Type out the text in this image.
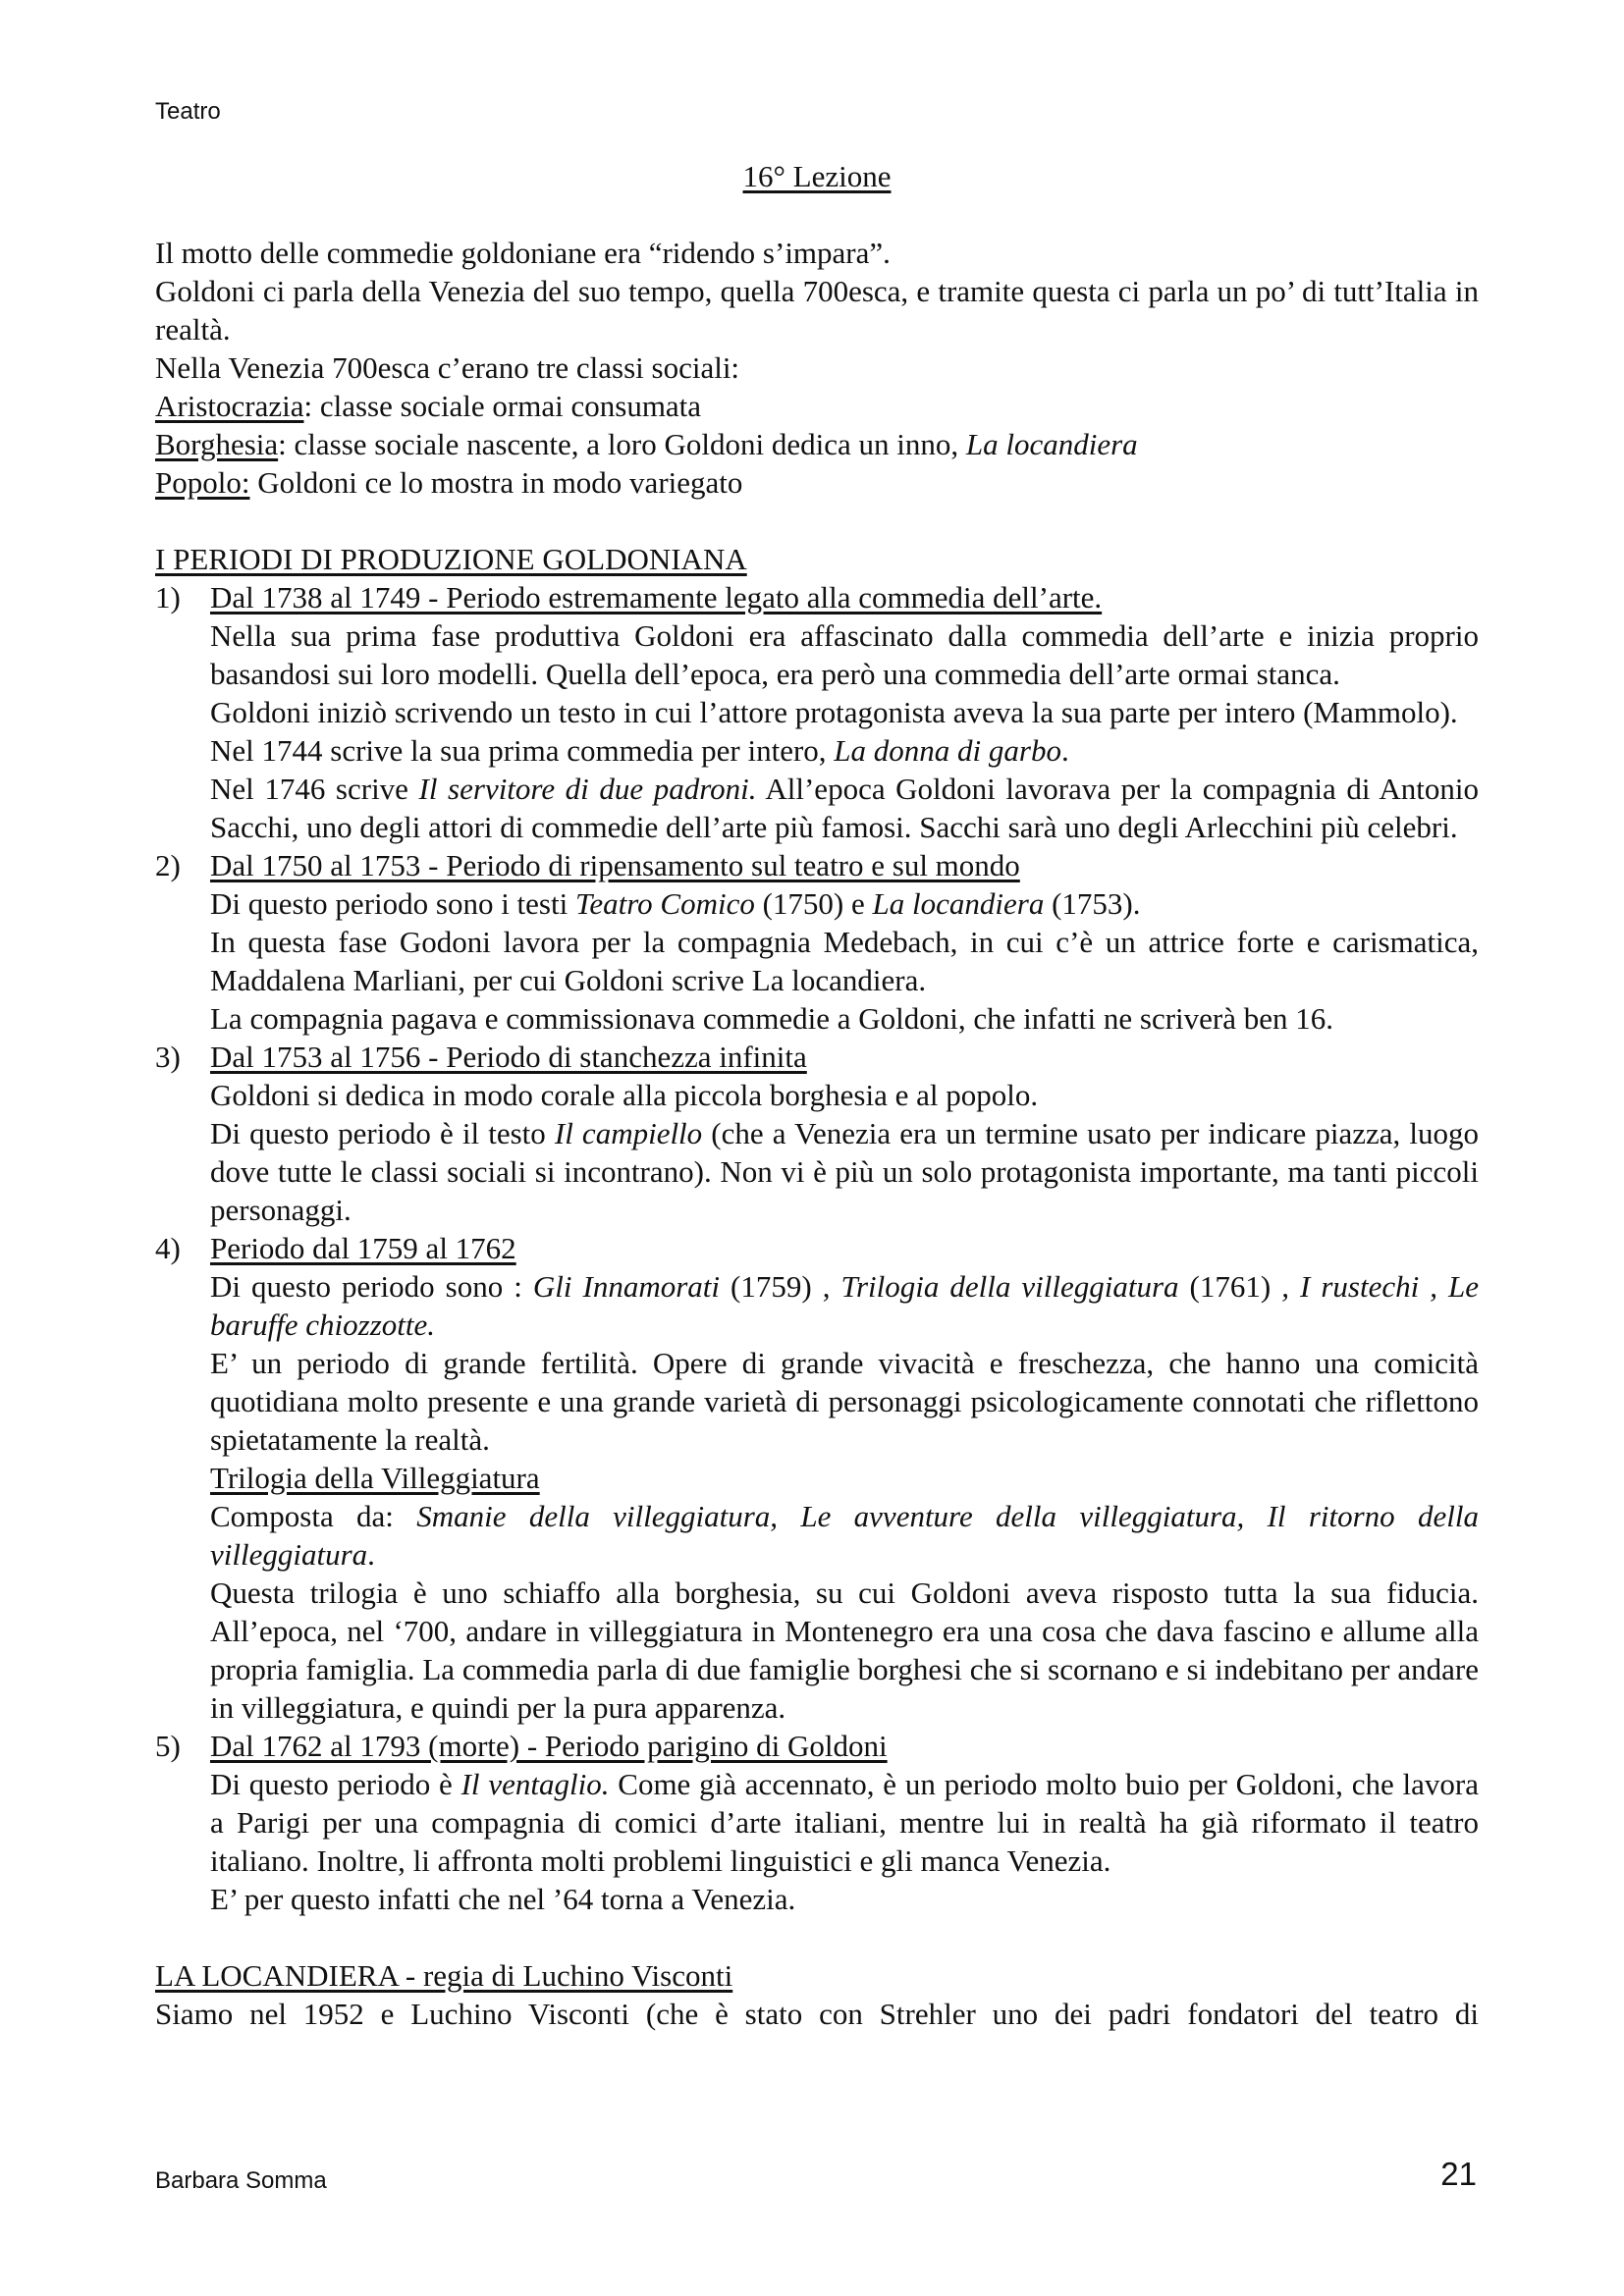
Teatro

16° Lezione

Il motto delle commedie goldoniane era “ridendo s’impara”.

Goldoni ci parla della Venezia del suo tempo, quella 700esca, e tramite questa ci parla un po’ di tutt’Italia in realtà.

Nella Venezia 700esca c’erano tre classi sociali:

Aristocrazia: classe sociale ormai consumata

Borghesia: classe sociale nascente, a loro Goldoni dedica un inno, La locandiera

Popolo: Goldoni ce lo mostra in modo variegato

I PERIODI DI PRODUZIONE GOLDONIANA

1) Dal 1738 al 1749 - Periodo estremamente legato alla commedia dell’arte.

Nella sua prima fase produttiva Goldoni era affascinato dalla commedia dell’arte e inizia proprio basandosi sui loro modelli. Quella dell’epoca, era però una commedia dell’arte ormai stanca.

Goldoni iniziò scrivendo un testo in cui l’attore protagonista aveva la sua parte per intero (Mammolo).

Nel 1744 scrive la sua prima commedia per intero, La donna di garbo.

Nel 1746 scrive Il servitore di due padroni. All’epoca Goldoni lavorava per la compagnia di Antonio Sacchi, uno degli attori di commedie dell’arte più famosi. Sacchi sarà uno degli Arlecchini più celebri.

2) Dal 1750 al 1753 - Periodo di ripensamento sul teatro e sul mondo

Di questo periodo sono i testi Teatro Comico (1750) e La locandiera (1753).

In questa fase Godoni lavora per la compagnia Medebach, in cui c’è un attrice forte e carismatica, Maddalena Marliani, per cui Goldoni scrive La locandiera.

La compagnia pagava e commissionava commedie a Goldoni, che infatti ne scriverà ben 16.

3) Dal 1753 al 1756 - Periodo di stanchezza infinita

Goldoni si dedica in modo corale alla piccola borghesia e al popolo.

Di questo periodo è il testo Il campiello (che a Venezia era un termine usato per indicare piazza, luogo dove tutte le classi sociali si incontrano). Non vi è più un solo protagonista importante, ma tanti piccoli personaggi.

4) Periodo dal 1759 al 1762

Di questo periodo sono : Gli Innamorati (1759) , Trilogia della villeggiatura (1761) , I rustechi , Le baruffe chiozzotte.

E’ un periodo di grande fertilità. Opere di grande vivacità e freschezza, che hanno una comicità quotidiana molto presente e una grande varietà di personaggi psicologicamente connotati che riflettono spietatamente la realtà.

Trilogia della Villeggiatura

Composta da: Smanie della villeggiatura, Le avventure della villeggiatura, Il ritorno della villeggiatura.

Questa trilogia è uno schiaffo alla borghesia, su cui Goldoni aveva risposto tutta la sua fiducia. All’epoca, nel ‘700, andare in villeggiatura in Montenegro era una cosa che dava fascino e allume alla propria famiglia. La commedia parla di due famiglie borghesi che si scornano e si indebitano per andare in villeggiatura, e quindi per la pura apparenza.

5) Dal 1762 al 1793 (morte) - Periodo parigino di Goldoni

Di questo periodo è Il ventaglio. Come già accennato, è un periodo molto buio per Goldoni, che lavora a Parigi per una compagnia di comici d’arte italiani, mentre lui in realtà ha già riformato il teatro italiano. Inoltre, li affronta molti problemi linguistici e gli manca Venezia.

E’ per questo infatti che nel ’64 torna a Venezia.

LA LOCANDIERA - regia di Luchino Visconti

Siamo nel 1952 e Luchino Visconti (che è stato con Strehler uno dei padri fondatori del teatro di

Barbara Somma	21
